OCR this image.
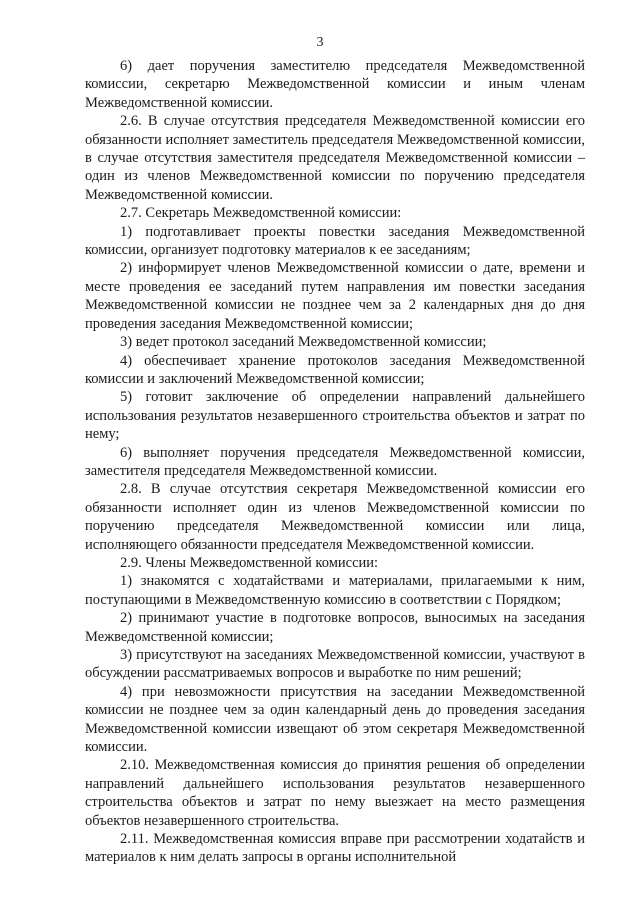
3

6) дает поручения заместителю председателя Межведомственной комиссии, секретарю Межведомственной комиссии и иным членам Межведомственной комиссии.

2.6. В случае отсутствия председателя Межведомственной комиссии его обязанности исполняет заместитель председателя Межведомственной комиссии, в случае отсутствия заместителя председателя Межведомственной комиссии – один из членов Межведомственной комиссии по поручению председателя Межведомственной комиссии.

2.7. Секретарь Межведомственной комиссии:

1) подготавливает проекты повестки заседания Межведомственной комиссии, организует подготовку материалов к ее заседаниям;

2) информирует членов Межведомственной комиссии о дате, времени и месте проведения ее заседаний путем направления им повестки заседания Межведомственной комиссии не позднее чем за 2 календарных дня до дня проведения заседания Межведомственной комиссии;

3) ведет протокол заседаний Межведомственной комиссии;

4) обеспечивает хранение протоколов заседания Межведомственной комиссии и заключений Межведомственной комиссии;

5) готовит заключение об определении направлений дальнейшего использования результатов незавершенного строительства объектов и затрат по нему;

6) выполняет поручения председателя Межведомственной комиссии, заместителя председателя Межведомственной комиссии.

2.8. В случае отсутствия секретаря Межведомственной комиссии его обязанности исполняет один из членов Межведомственной комиссии по поручению председателя Межведомственной комиссии или лица, исполняющего обязанности председателя Межведомственной комиссии.

2.9. Члены Межведомственной комиссии:

1) знакомятся с ходатайствами и материалами, прилагаемыми к ним, поступающими в Межведомственную комиссию в соответствии с Порядком;

2) принимают участие в подготовке вопросов, выносимых на заседания Межведомственной комиссии;

3) присутствуют на заседаниях Межведомственной комиссии, участвуют в обсуждении рассматриваемых вопросов и выработке по ним решений;

4) при невозможности присутствия на заседании Межведомственной комиссии не позднее чем за один календарный день до проведения заседания Межведомственной комиссии извещают об этом секретаря Межведомственной комиссии.

2.10. Межведомственная комиссия до принятия решения об определении направлений дальнейшего использования результатов незавершенного строительства объектов и затрат по нему выезжает на место размещения объектов незавершенного строительства.

2.11. Межведомственная комиссия вправе при рассмотрении ходатайств и материалов к ним делать запросы в органы исполнительной
